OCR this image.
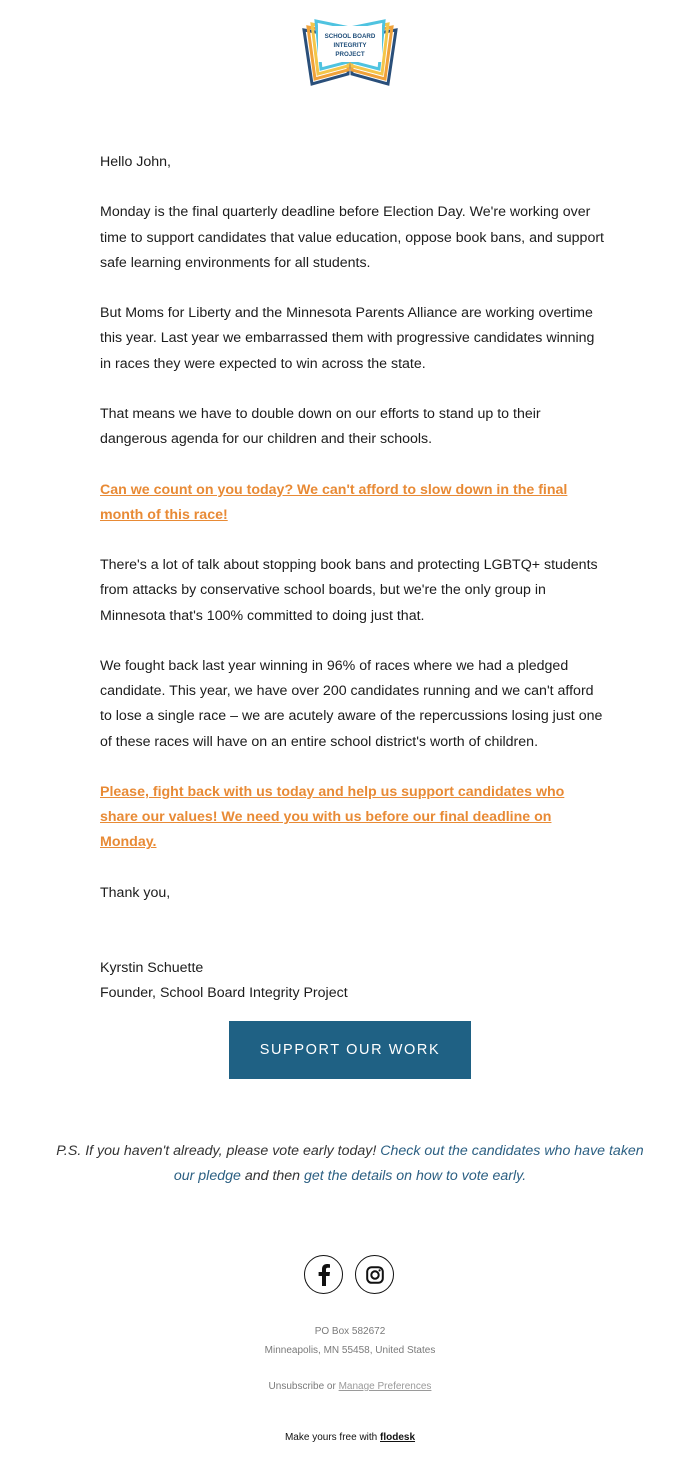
SCHOOL BOARD
INTEGRITY
PROJECT

Hello John,

Monday is the final quarterly deadline before Election Day. We're working over time to support candidates that value education, oppose book bans, and support safe learning environments for all students.

But Moms for Liberty and the Minnesota Parents Alliance are working overtime this year. Last year we embarrassed them with progressive candidates winning in races they were expected to win across the state.

That means we have to double down on our efforts to stand up to their dangerous agenda for our children and their schools.

Can we count on you today? We can't afford to slow down in the final month of this race!

There's a lot of talk about stopping book bans and protecting LGBTQ+ students from attacks by conservative school boards, but we're the only group in Minnesota that's 100% committed to doing just that.

We fought back last year winning in 96% of races where we had a pledged candidate. This year, we have over 200 candidates running and we can't afford to lose a single race – we are acutely aware of the repercussions losing just one of these races will have on an entire school district's worth of children.

Please, fight back with us today and help us support candidates who share our values! We need you with us before our final deadline on Monday.

Thank you,

Kyrstin Schuette
Founder, School Board Integrity Project
SUPPORT OUR WORK
P.S. If you haven't already, please vote early today! Check out the candidates who have taken our pledge and then get the details on how to vote early.
PO Box 582672
Minneapolis, MN 55458, United States
Unsubscribe or Manage Preferences
Make yours free with flodesk
